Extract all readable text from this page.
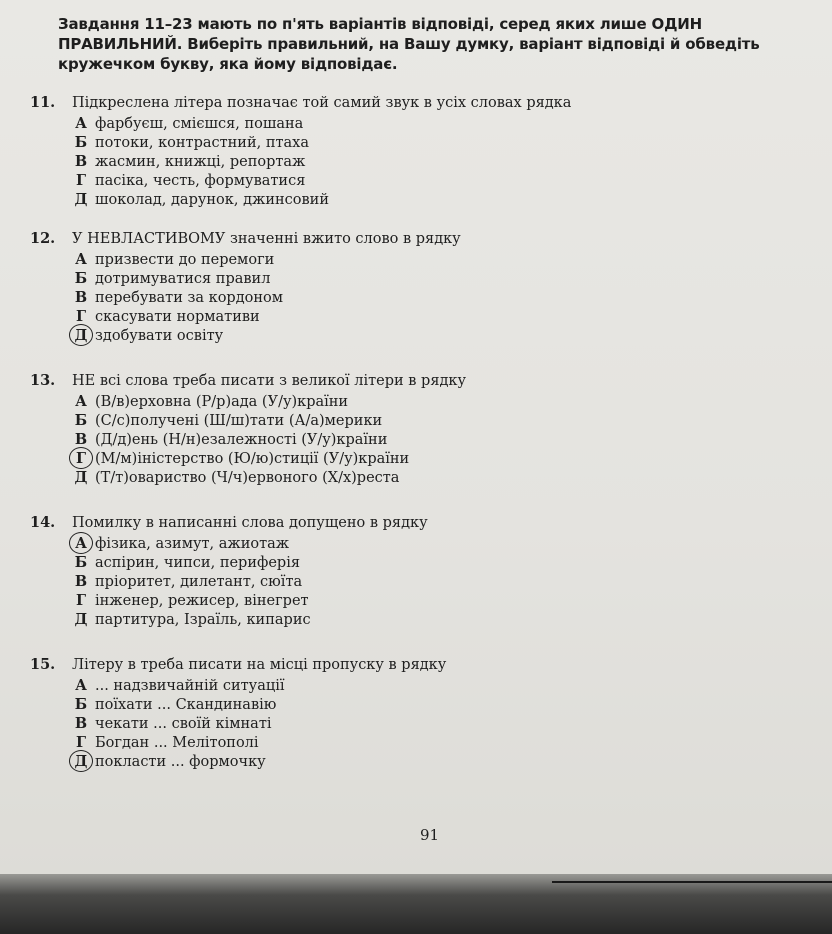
Завдання 11–23 мають по п'ять варіантів відповіді, серед яких лише ОДИН ПРАВИЛЬНИЙ. Виберіть правильний, на Вашу думку, варіант відповіді й обведіть кружечком букву, яка йому відповідає.
11.	Підкреслена літера позначає той самий звук в усіх словах рядка
А фарбуєш, смієшся, пошана
Б потоки, контрастний, птаха
В жасмин, книжці, репортаж
Г пасіка, честь, формуватися
Д шоколад, дарунок, джинсовий
12.	У НЕВЛАСТИВОМУ значенні вжито слово в рядку
А призвести до перемоги
Б дотримуватися правил
В перебувати за кордоном
Г скасувати нормативи
Д здобувати освіту
13.	НЕ всі слова треба писати з великої літери в рядку
А (В/в)ерховна (Р/р)ада (У/у)країни
Б (С/с)получені (Ш/ш)тати (А/а)мерики
В (Д/д)ень (Н/н)езалежності (У/у)країни
Г (М/м)іністерство (Ю/ю)стиції (У/у)країни
Д (Т/т)овариство (Ч/ч)ервоного (Х/х)реста
14.	Помилку в написанні слова допущено в рядку
А фізика, азимут, ажиотаж
Б аспірин, чипси, периферія
В пріоритет, дилетант, сюїта
Г інженер, режисер, вінегрет
Д партитура, Ізраїль, кипарис
15.	Літеру в треба писати на місці пропуску в рядку
А ... надзвичайній ситуації
Б поїхати ... Скандинавію
В чекати ... своїй кімнаті
Г Богдан ... Мелітополі
Д покласти ... формочку
91
